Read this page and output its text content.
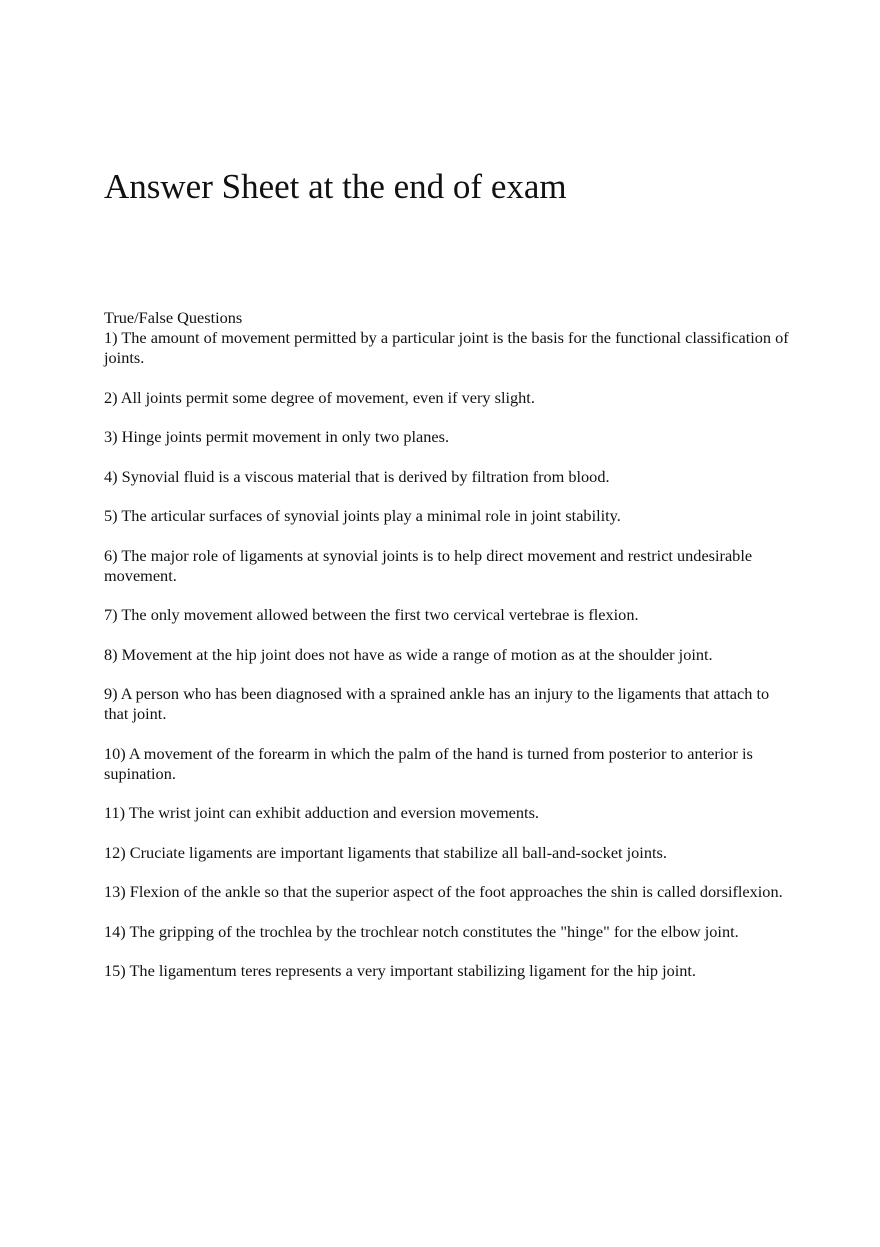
Answer Sheet at the end of exam

True/False Questions

1) The amount of movement permitted by a particular joint is the basis for the functional classification of joints.

2) All joints permit some degree of movement, even if very slight.

3) Hinge joints permit movement in only two planes.

4) Synovial fluid is a viscous material that is derived by filtration from blood.

5) The articular surfaces of synovial joints play a minimal role in joint stability.

6) The major role of ligaments at synovial joints is to help direct movement and restrict undesirable movement.

7) The only movement allowed between the first two cervical vertebrae is flexion.

8) Movement at the hip joint does not have as wide a range of motion as at the shoulder joint.

9) A person who has been diagnosed with a sprained ankle has an injury to the ligaments that attach to that joint.

10) A movement of the forearm in which the palm of the hand is turned from posterior to anterior is supination.

11) The wrist joint can exhibit adduction and eversion movements.

12) Cruciate ligaments are important ligaments that stabilize all ball-and-socket joints.

13) Flexion of the ankle so that the superior aspect of the foot approaches the shin is called dorsiflexion.

14) The gripping of the trochlea by the trochlear notch constitutes the "hinge" for the elbow joint.

15) The ligamentum teres represents a very important stabilizing ligament for the hip joint.
